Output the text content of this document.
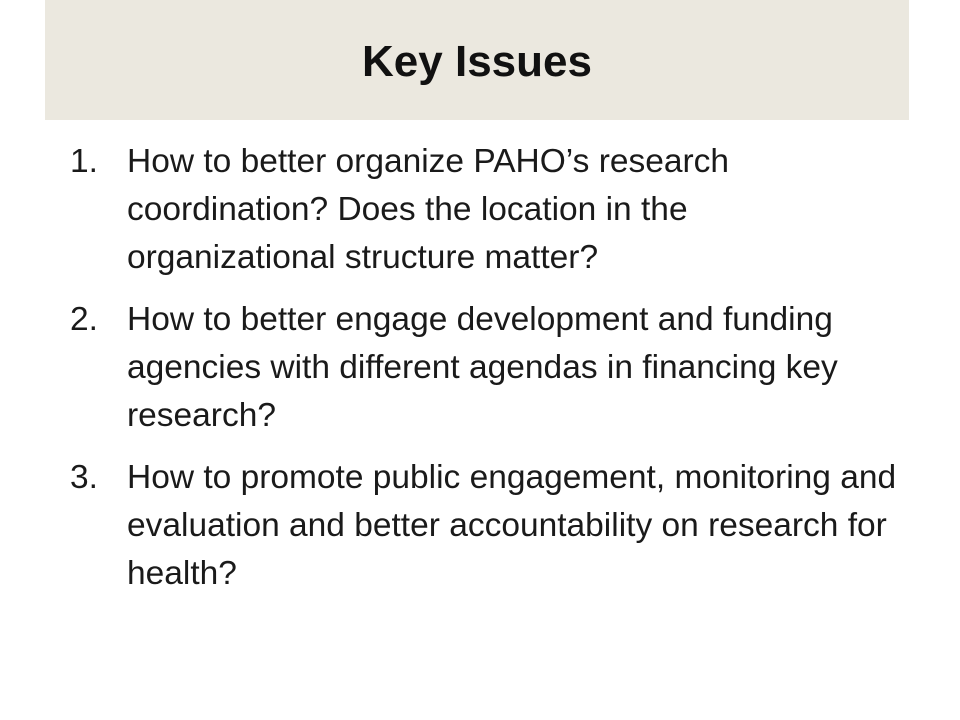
Key Issues
1. How to better organize PAHO’s research coordination? Does the location in the organizational structure matter?
2. How to better engage development and funding agencies with different agendas in financing key research?
3. How to promote public engagement, monitoring and evaluation and better accountability on research for health?
